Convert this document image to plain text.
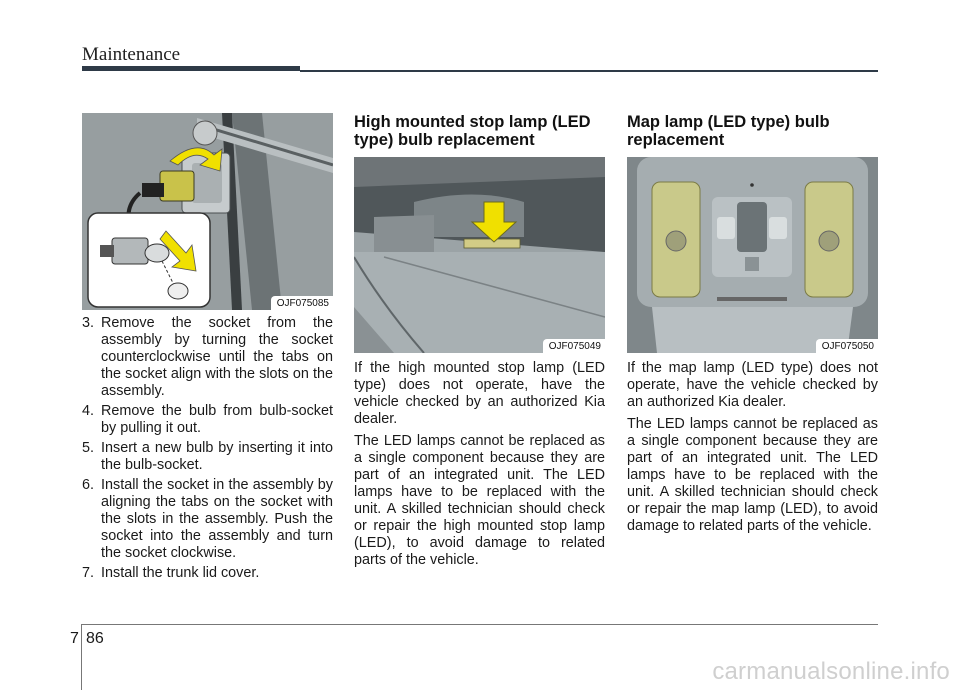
Maintenance
OJF075085
3. Remove the socket from the assembly by turning the socket counterclockwise until the tabs on the socket align with the slots on the assembly.
4. Remove the bulb from bulb-socket by pulling it out.
5. Insert a new bulb by inserting it into the bulb-socket.
6. Install the socket in the assembly by aligning the tabs on the socket with the slots in the assembly. Push the socket into the assembly and turn the socket clockwise.
7. Install the trunk lid cover.
High mounted stop lamp (LED type) bulb replacement
OJF075049

If the high mounted stop lamp (LED type) does not operate, have the vehicle checked by an authorized Kia dealer.

The LED lamps cannot be replaced as a single component because they are part of an integrated unit. The LED lamps have to be replaced with the unit. A skilled technician should check or repair the high mounted stop lamp (LED), to avoid damage to related parts of the vehicle.

Map lamp (LED type) bulb replacement
OJF075050

If the map lamp (LED type) does not operate, have the vehicle checked by an authorized Kia dealer.

The LED lamps cannot be replaced as a single component because they are part of an integrated unit. The LED lamps have to be replaced with the unit. A skilled technician should check or repair the map lamp (LED), to avoid damage to related parts of the vehicle.

7 86
carmanualsonline.info
